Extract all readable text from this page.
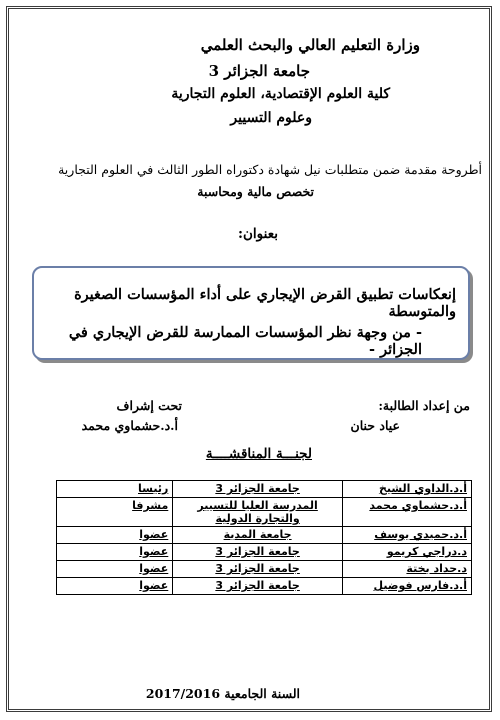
وزارة التعليم العالي والبحث العلمي
جامعة الجزائر 3
كلية العلوم الإقتصادية، العلوم التجارية
وعلوم التسيير
أطروحة مقدمة ضمن متطلبات نيل شهادة دكتوراه الطور الثالث في العلوم التجارية
تخصص مالية ومحاسبة
بعنوان:
إنعكاسات تطبيق القرض الإيجاري على أداء المؤسسات الصغيرة والمتوسطة
- من وجهة نظر المؤسسات الممارسة للقرض الإيجاري في الجزائر -
من إعداد الطالبة:
عياد حنان
تحت إشراف
أ.د.حشماوي محمد
لجنـــة المناقشــــة
أ.د.الداوي الشيخ	جامعة الجزائر 3	رئيسا
أ.د.حشماوي محمد	المدرسة العليا للتسيير والتجارة الدولية	مشرفا
أ.د.حميدي يوسف	جامعة المدية	عضوا
د.دراجي كريمو	جامعة الجزائر 3	عضوا
د.حداد بختة	جامعة الجزائر 3	عضوا
أ.د.فارس فوضيل	جامعة الجزائر 3	عضوا
السنة الجامعية 2017/2016
